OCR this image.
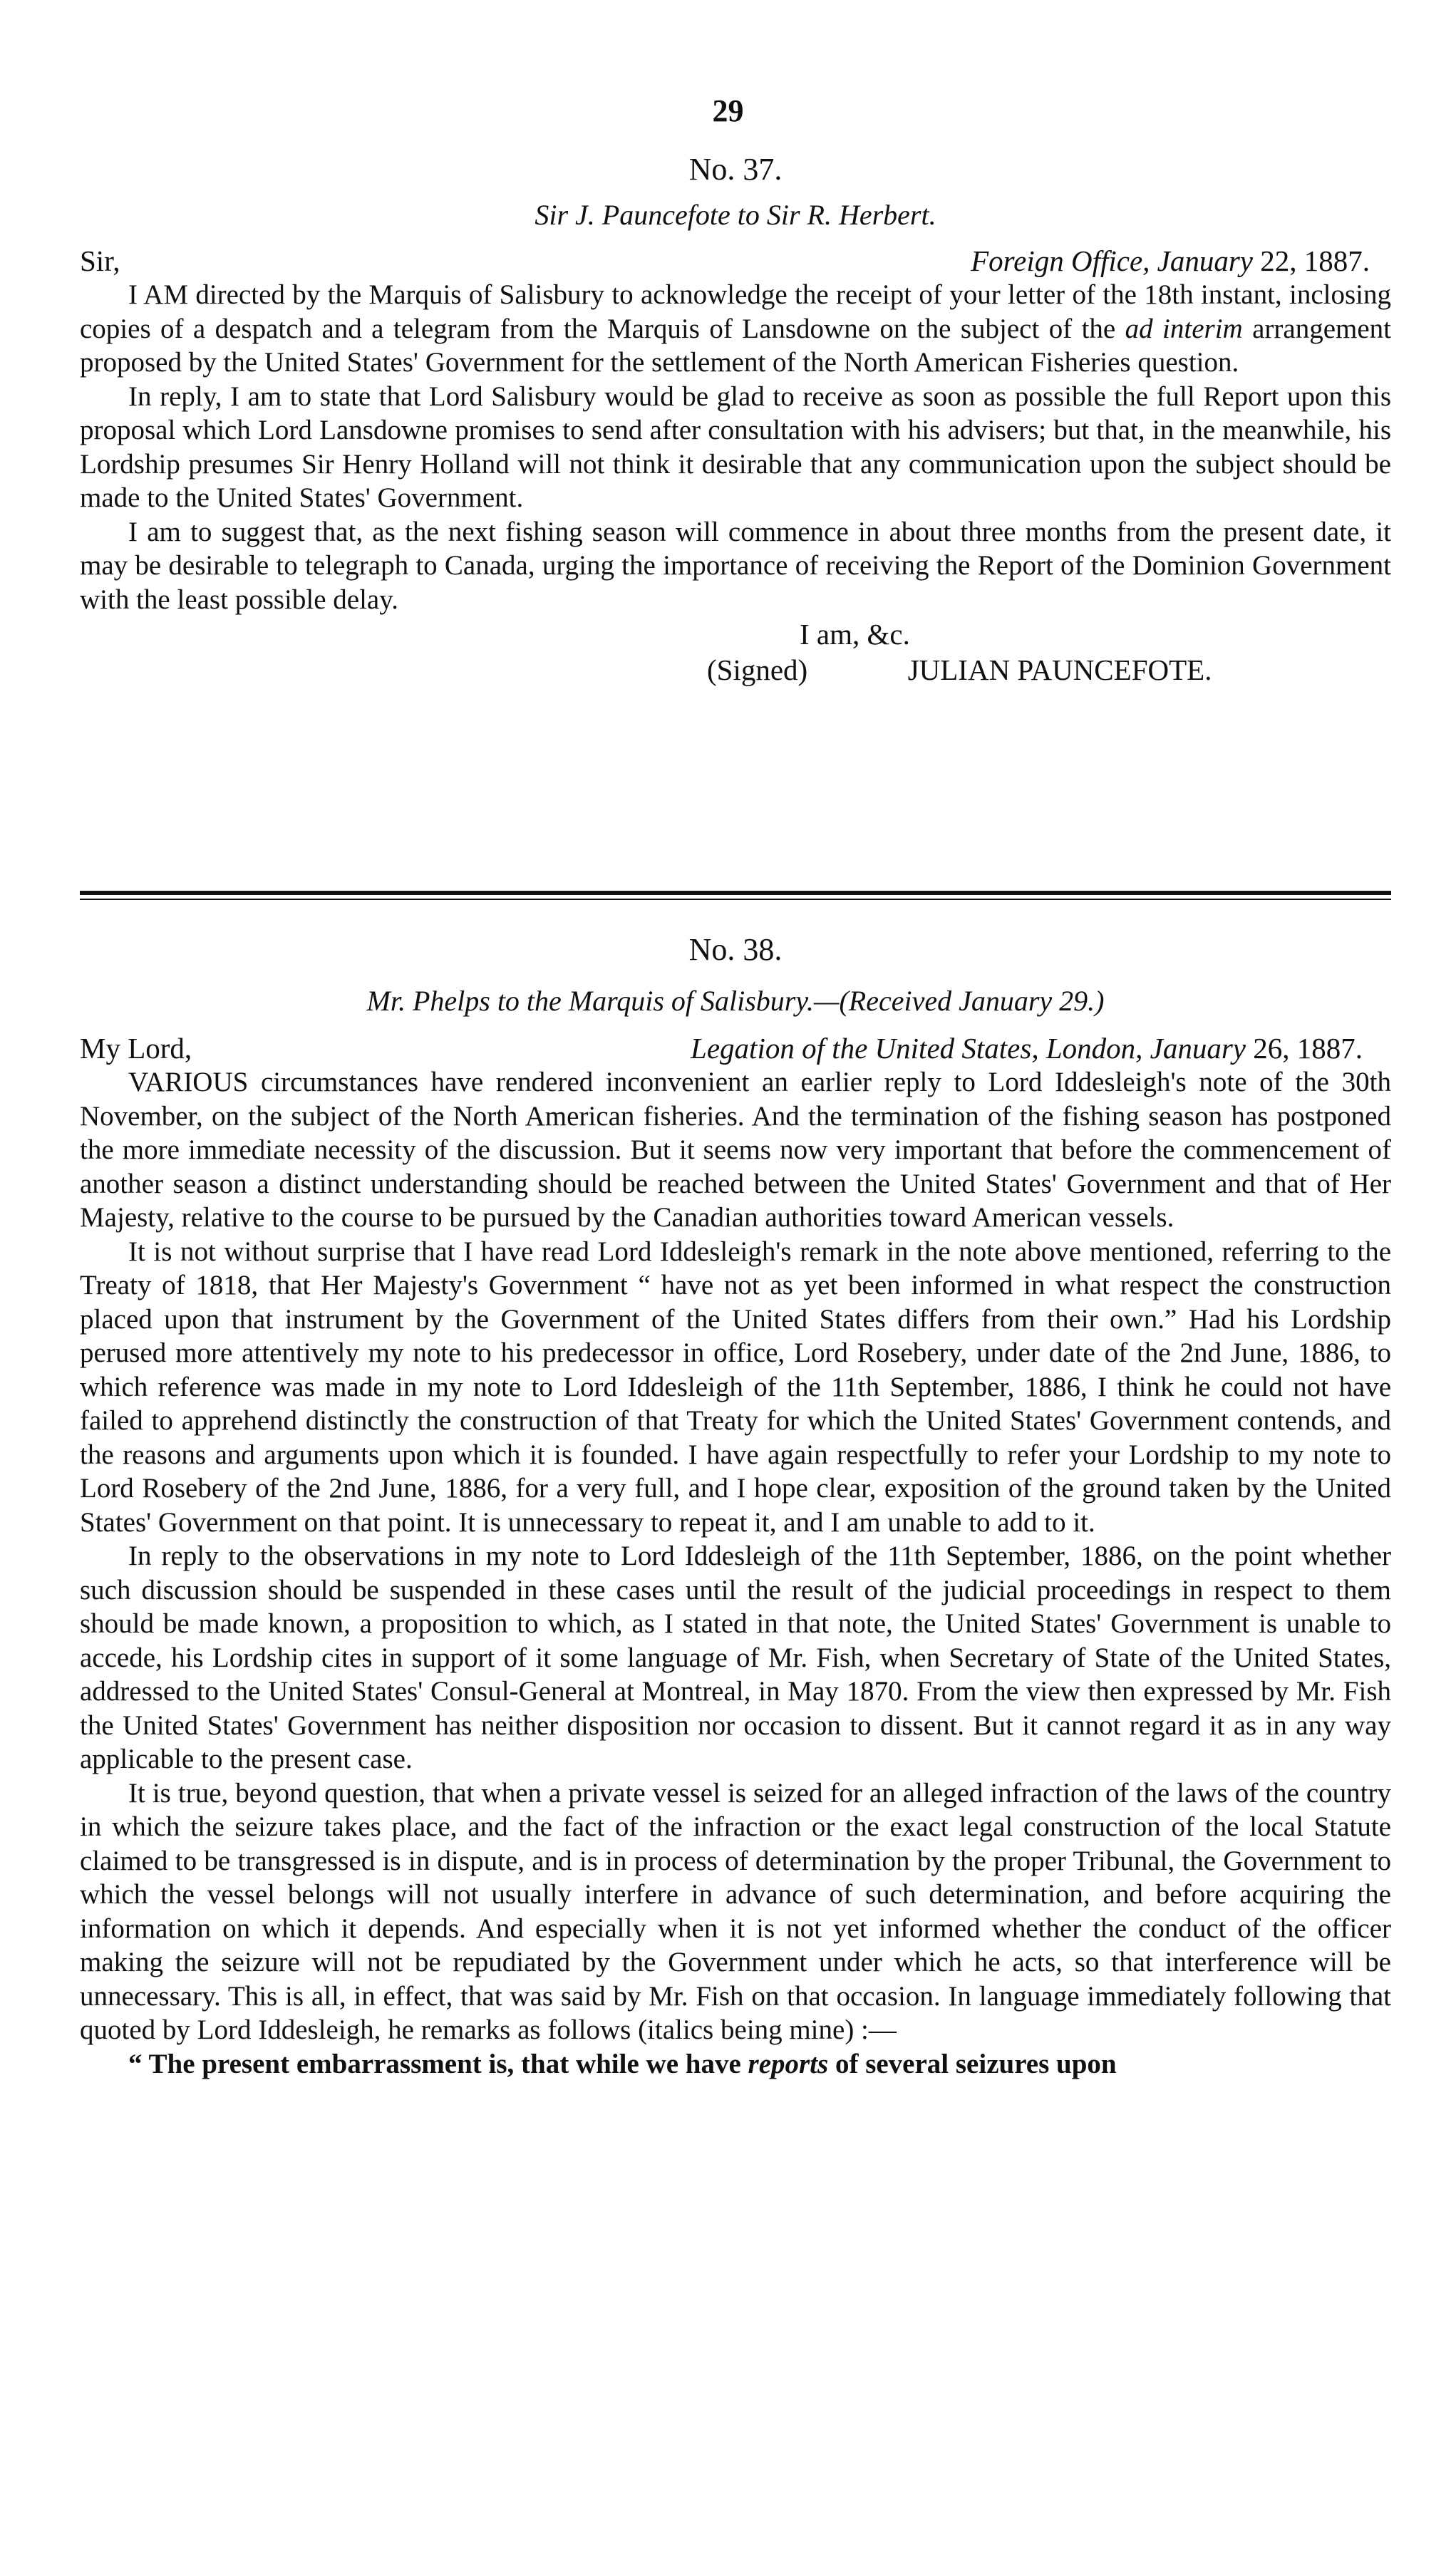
29
No. 37.
Sir J. Pauncefote to Sir R. Herbert.
Sir,	Foreign Office, January 22, 1887.

I AM directed by the Marquis of Salisbury to acknowledge the receipt of your letter of the 18th instant, inclosing copies of a despatch and a telegram from the Marquis of Lansdowne on the subject of the ad interim arrangement proposed by the United States' Government for the settlement of the North American Fisheries question.

In reply, I am to state that Lord Salisbury would be glad to receive as soon as possible the full Report upon this proposal which Lord Lansdowne promises to send after consultation with his advisers; but that, in the meanwhile, his Lordship presumes Sir Henry Holland will not think it desirable that any communication upon the subject should be made to the United States' Government.

I am to suggest that, as the next fishing season will commence in about three months from the present date, it may be desirable to telegraph to Canada, urging the importance of receiving the Report of the Dominion Government with the least possible delay.

I am, &c.
(Signed)	JULIAN PAUNCEFOTE.
No. 38.
Mr. Phelps to the Marquis of Salisbury.—(Received January 29.)
My Lord,	Legation of the United States, London, January 26, 1887.

VARIOUS circumstances have rendered inconvenient an earlier reply to Lord Iddesleigh's note of the 30th November, on the subject of the North American fisheries. And the termination of the fishing season has postponed the more immediate necessity of the discussion. But it seems now very important that before the commencement of another season a distinct understanding should be reached between the United States' Government and that of Her Majesty, relative to the course to be pursued by the Canadian authorities toward American vessels.

It is not without surprise that I have read Lord Iddesleigh's remark in the note above mentioned, referring to the Treaty of 1818, that Her Majesty's Government “ have not as yet been informed in what respect the construction placed upon that instrument by the Government of the United States differs from their own.” Had his Lordship perused more attentively my note to his predecessor in office, Lord Rosebery, under date of the 2nd June, 1886, to which reference was made in my note to Lord Iddesleigh of the 11th September, 1886, I think he could not have failed to apprehend distinctly the construction of that Treaty for which the United States' Government contends, and the reasons and arguments upon which it is founded. I have again respectfully to refer your Lordship to my note to Lord Rosebery of the 2nd June, 1886, for a very full, and I hope clear, exposition of the ground taken by the United States' Government on that point. It is unnecessary to repeat it, and I am unable to add to it.

In reply to the observations in my note to Lord Iddesleigh of the 11th September, 1886, on the point whether such discussion should be suspended in these cases until the result of the judicial proceedings in respect to them should be made known, a proposition to which, as I stated in that note, the United States' Government is unable to accede, his Lordship cites in support of it some language of Mr. Fish, when Secretary of State of the United States, addressed to the United States' Consul-General at Montreal, in May 1870. From the view then expressed by Mr. Fish the United States' Government has neither disposition nor occasion to dissent. But it cannot regard it as in any way applicable to the present case.

It is true, beyond question, that when a private vessel is seized for an alleged infraction of the laws of the country in which the seizure takes place, and the fact of the infraction or the exact legal construction of the local Statute claimed to be transgressed is in dispute, and is in process of determination by the proper Tribunal, the Government to which the vessel belongs will not usually interfere in advance of such determination, and before acquiring the information on which it depends. And especially when it is not yet informed whether the conduct of the officer making the seizure will not be repudiated by the Government under which he acts, so that interference will be unnecessary. This is all, in effect, that was said by Mr. Fish on that occasion. In language immediately following that quoted by Lord Iddesleigh, he remarks as follows (italics being mine) :—

“ The present embarrassment is, that while we have reports of several seizures upon
